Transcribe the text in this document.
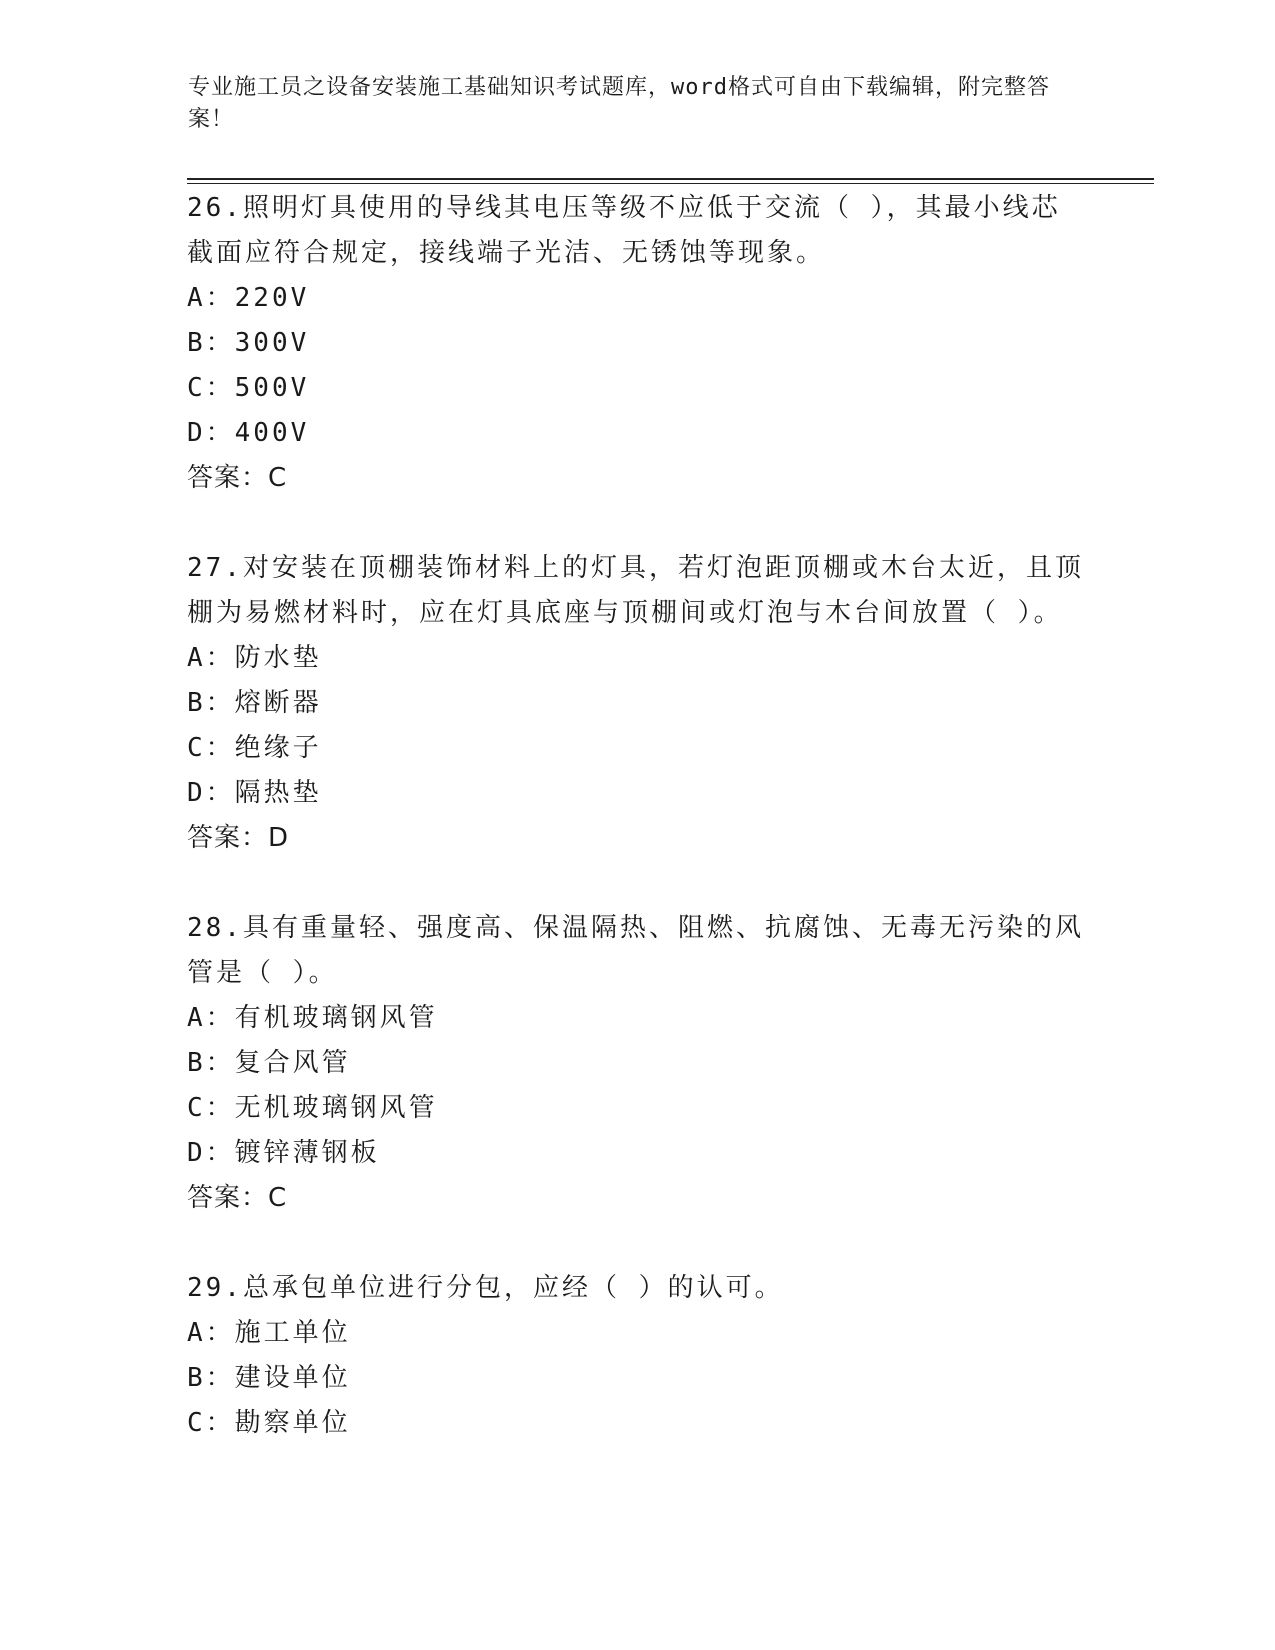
专业施工员之设备安装施工基础知识考试题库，word格式可自由下载编辑，附完整答案！

26.照明灯具使用的导线其电压等级不应低于交流（ ），其最小线芯截面应符合规定，接线端子光洁、无锈蚀等现象。

A：220V

B：300V

C：500V

D：400V

答案：C

27.对安装在顶棚装饰材料上的灯具，若灯泡距顶棚或木台太近，且顶棚为易燃材料时，应在灯具底座与顶棚间或灯泡与木台间放置（ ）。

A：防水垫

B：熔断器

C：绝缘子

D：隔热垫

答案：D

28.具有重量轻、强度高、保温隔热、阻燃、抗腐蚀、无毒无污染的风管是（ ）。

A：有机玻璃钢风管

B：复合风管

C：无机玻璃钢风管

D：镀锌薄钢板

答案：C

29.总承包单位进行分包，应经（ ）的认可。

A：施工单位

B：建设单位

C：勘察单位
